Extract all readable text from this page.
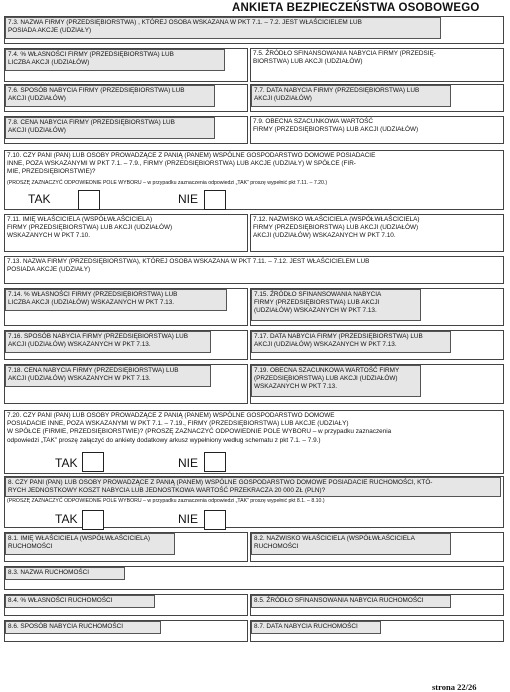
ANKIETA BEZPIECZEŃSTWA OSOBOWEGO
7.3. NAZWA FIRMY (PRZEDSIĘBIORSTWA) , KTÓREJ OSOBA WSKAZANA W PKT 7.1. – 7.2. JEST WŁAŚCICIELEM LUB
POSIADA AKCJE (UDZIAŁY)
7.4. % WŁASNOŚCI FIRMY (PRZEDSIĘBIORSTWA) LUB
LICZBA AKCJI (UDZIAŁÓW)
7.5. ŹRÓDŁO SFINANSOWANIA NABYCIA FIRMY (PRZEDSIĘ-
BIORSTWA) LUB AKCJI (UDZIAŁÓW)
7.6. SPOSÓB NABYCIA FIRMY (PRZEDSIĘBIORSTWA) LUB
AKCJI (UDZIAŁÓW)
7.7. DATA NABYCIA FIRMY (PRZEDSIĘBIORSTWA) LUB
AKCJI (UDZIAŁÓW)
7.8. CENA NABYCIA FIRMY (PRZEDSIĘBIORSTWA) LUB
AKCJI (UDZIAŁÓW)
7.9. OBECNA SZACUNKOWA WARTOŚĆ
FIRMY (PRZEDSIĘBIORSTWA) LUB AKCJI (UDZIAŁÓW)
7.10. CZY PANI (PAN) LUB OSOBY PROWADZĄCE Z PANIĄ (PANEM) WSPÓLNE GOSPODARSTWO DOMOWE POSIADACIE
INNE, POZA WSKAZANYMI W PKT 7.1. – 7.9., FIRMY (PRZEDSIĘBIORSTWA) LUB AKCJE (UDZIAŁY) W SPÓŁCE (FIR-
MIE, PRZEDSIĘBIORSTWIE)?
(PROSZĘ ZAZNACZYĆ ODPOWIEDNIE POLE WYBORU – w przypadku zaznaczenia odpowiedzi „TAK” proszę wypełnić pkt 7.11. – 7.20.)
TAK	NIE
7.11. IMIĘ WŁAŚCICIELA (WSPÓŁWŁAŚCICIELA)
FIRMY (PRZEDSIĘBIORSTWA) LUB AKCJI (UDZIAŁÓW)
WSKAZANYCH W PKT 7.10.
7.12. NAZWISKO WŁAŚCICIELA (WSPÓŁWŁAŚCICIELA)
FIRMY (PRZEDSIĘBIORSTWA) LUB AKCJI (UDZIAŁÓW)
AKCJI (UDZIAŁÓW) WSKAZANYCH W PKT 7.10.
7.13. NAZWA FIRMY (PRZEDSIĘBIORSTWA), KTÓREJ OSOBA WSKAZANA W PKT 7.11. – 7.12. JEST WŁAŚCICIELEM LUB
POSIADA AKCJE (UDZIAŁY)
7.14. % WŁASNOŚCI FIRMY (PRZEDSIĘBIORSTWA) LUB
LICZBA AKCJI (UDZIAŁÓW) WSKAZANYCH W PKT 7.13.
7.15. ŹRÓDŁO SFINANSOWANIA NABYCIA
FIRMY (PRZEDSIĘBIORSTWA) LUB AKCJI
(UDZIAŁÓW) WSKAZANYCH W PKT 7.13.
7.16. SPOSÓB NABYCIA FIRMY (PRZEDSIĘBIORSTWA) LUB
AKCJI (UDZIAŁÓW) WSKAZANYCH W PKT 7.13.
7.17. DATA NABYCIA FIRMY (PRZEDSIĘBIORSTWA) LUB
AKCJI (UDZIAŁÓW) WSKAZANYCH W PKT 7.13.
7.18. CENA NABYCIA FIRMY (PRZEDSIĘBIORSTWA) LUB
AKCJI (UDZIAŁÓW) WSKAZANYCH W PKT 7.13.
7.19. OBECNA SZACUNKOWA WARTOŚĆ FIRMY
(PRZEDSIĘBIORSTWA) LUB AKCJI (UDZIAŁÓW)
WSKAZANYCH W PKT 7.13.
7.20. CZY PANI (PAN) LUB OSOBY PROWADZĄCE Z PANIĄ (PANEM) WSPÓLNE GOSPODARSTWO DOMOWE
POSIADACIE INNE, POZA WSKAZANYMI W PKT 7.1. – 7.19., FIRMY (PRZEDSIĘBIORSTWA) LUB AKCJE (UDZIAŁY)
W SPÓŁCE (FIRMIE, PRZEDSIĘBIORSTWIE)? (PROSZĘ ZAZNACZYĆ ODPOWIEDNIE POLE WYBORU – w przypadku zaznaczenia
odpowiedzi „TAK” proszę załączyć do ankiety dodatkowy arkusz wypełniony według schematu z pkt 7.1. – 7.9.)
TAK	NIE
8. CZY PANI (PAN) LUB OSOBY PROWADZĄCE Z PANIĄ (PANEM) WSPÓLNE GOSPODARSTWO DOMOWE POSIADACIE RUCHOMOŚCI, KTÓ-
RYCH JEDNOSTKOWY KOSZT NABYCIA LUB JEDNOSTKOWA WARTOŚĆ PRZEKRACZA 20 000 ZŁ (PLN)?
(PROSZĘ ZAZNACZYĆ ODPOWIEDNIE POLE WYBORU – w przypadku zaznaczenia odpowiedzi „TAK” proszę wypełnić pkt 8.1. – 8.10.)
TAK	NIE
8.1. IMIĘ WŁAŚCICIELA (WSPÓŁWŁAŚCICIELA)
RUCHOMOŚCI
8.2. NAZWISKO WŁAŚCICIELA (WSPÓŁWŁAŚCICIELA
RUCHOMOŚCI
8.3. NAZWA RUCHOMOŚCI
8.4. % WŁASNOŚCI RUCHOMOŚCI	8.5. ŹRÓDŁO SFINANSOWANIA NABYCIA RUCHOMOŚCI
8.6. SPOSÓB NABYCIA RUCHOMOŚCI	8.7. DATA NABYCIA RUCHOMOŚCI
strona 22/26
